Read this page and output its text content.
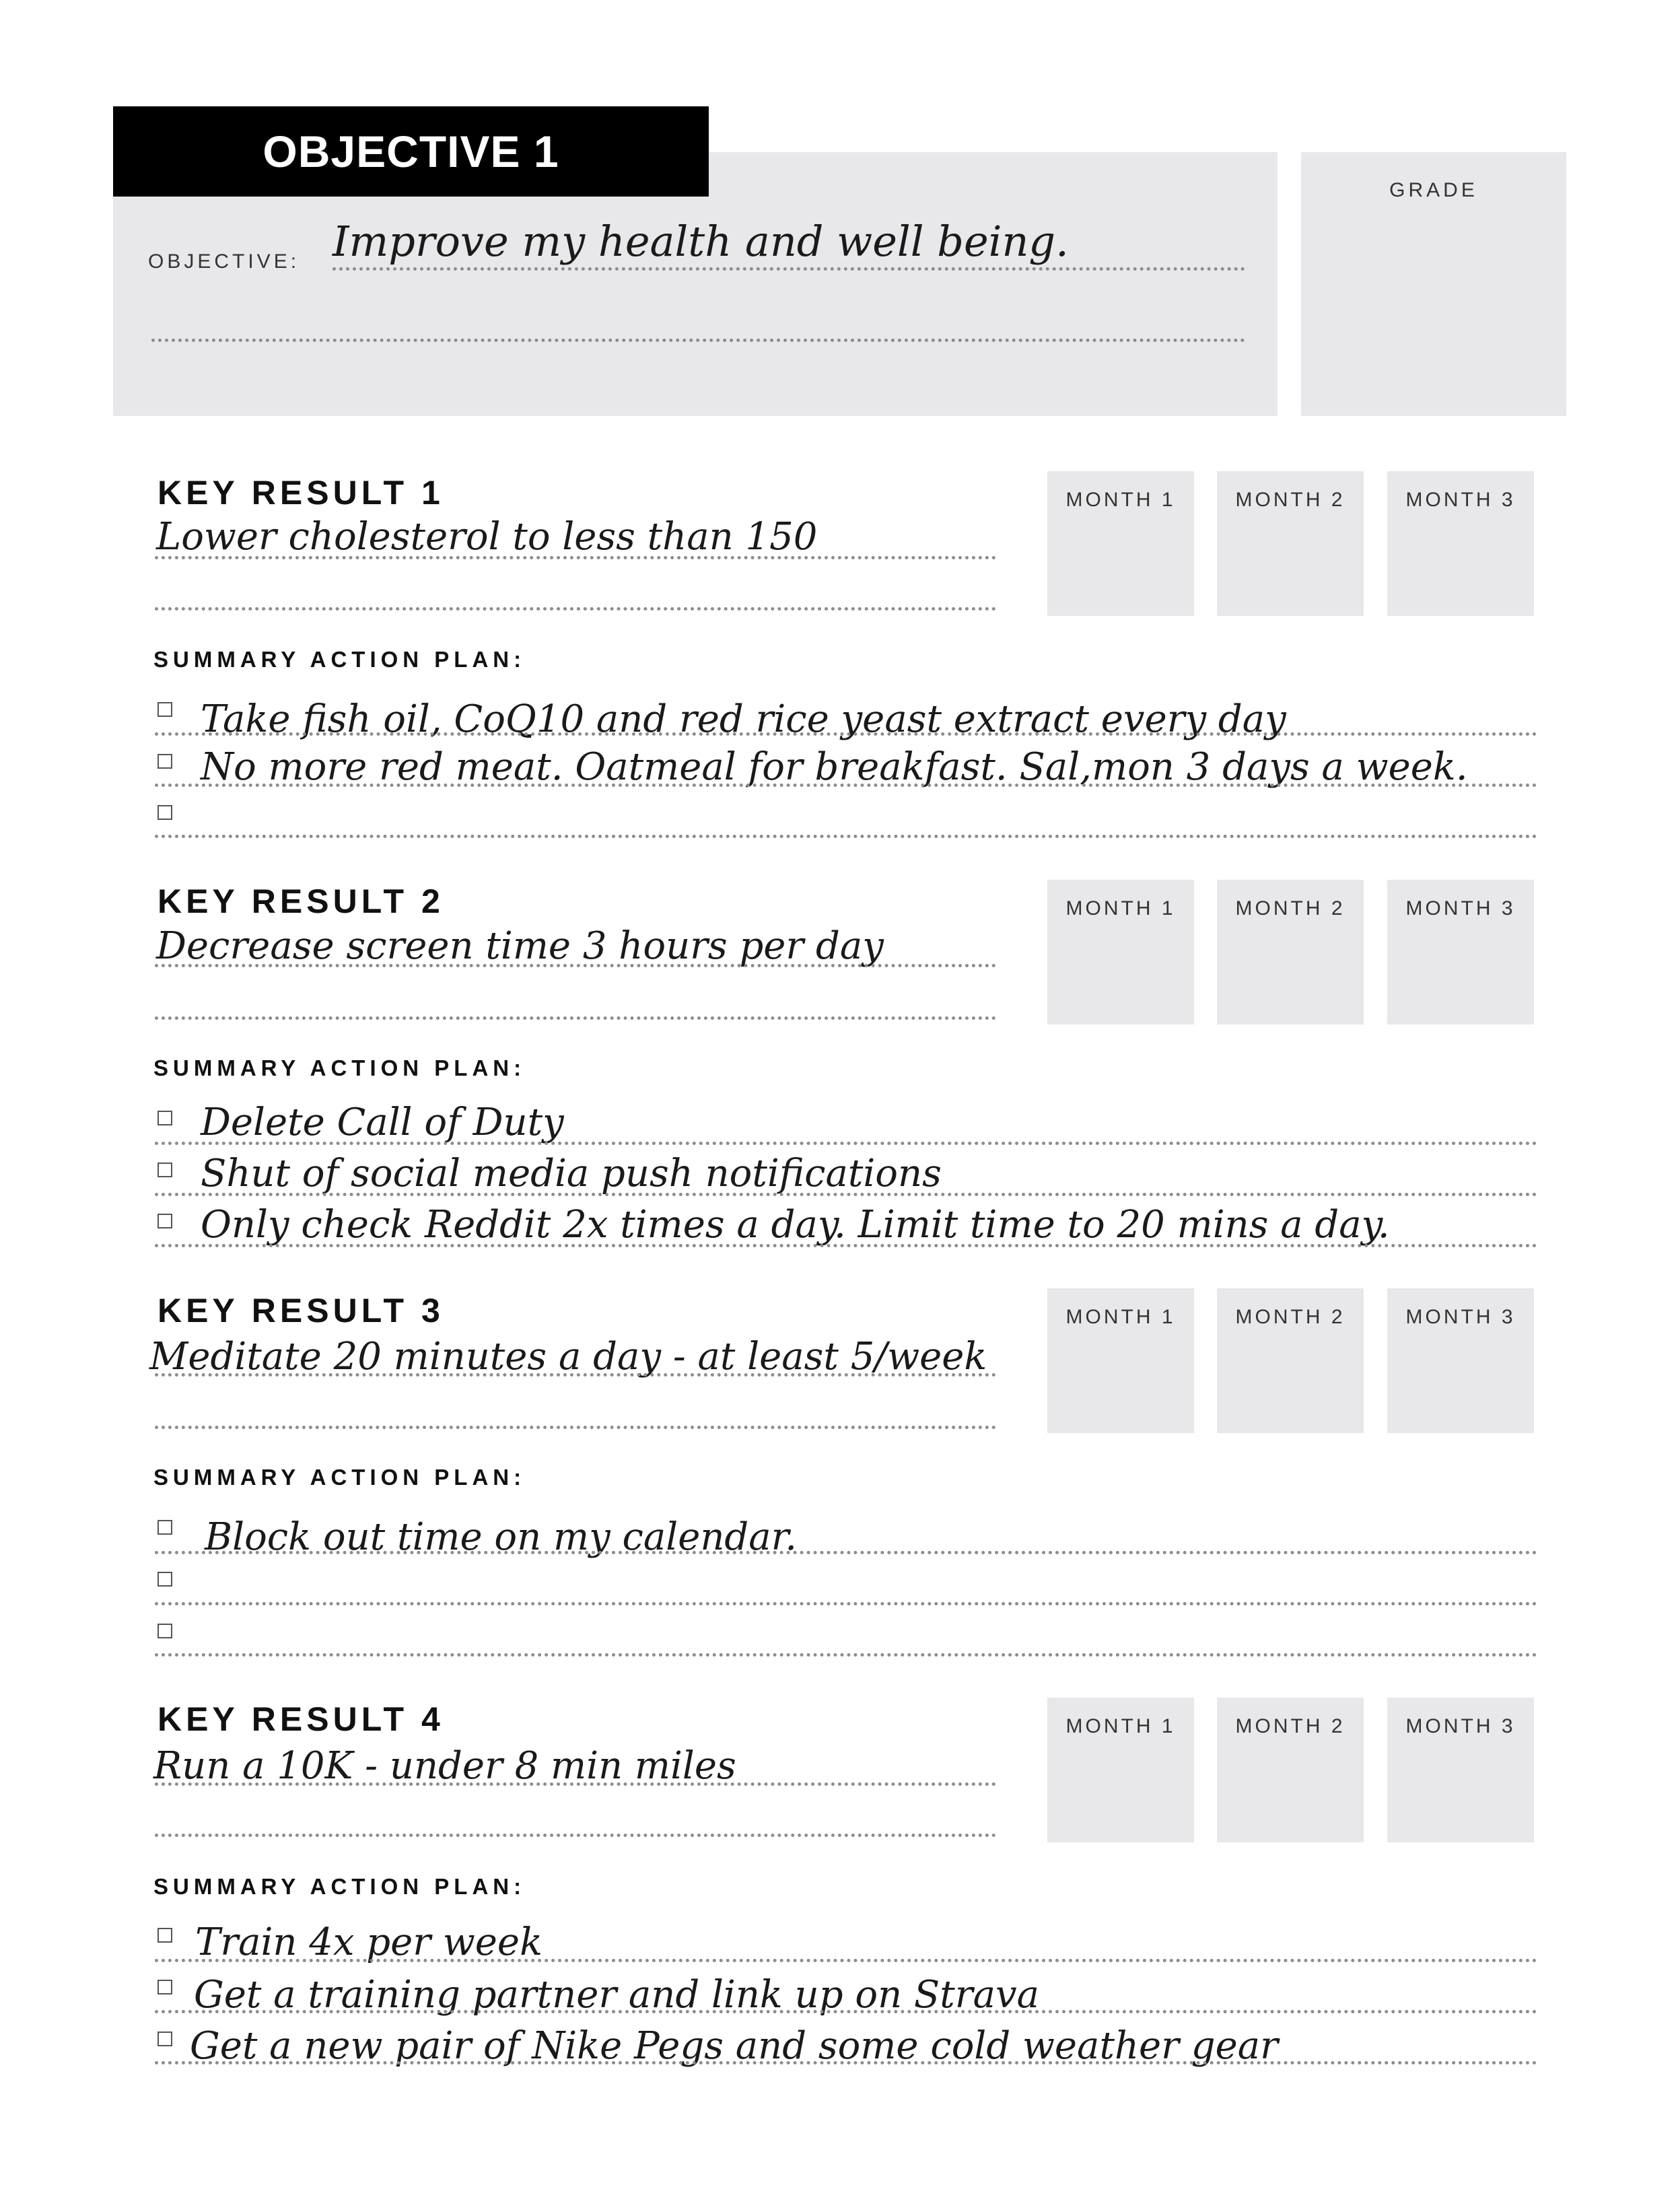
OBJECTIVE 1
OBJECTIVE: Improve my health and well being.
GRADE
KEY RESULT 1
Lower cholesterol to less than 150
MONTH 1	MONTH 2	MONTH 3
SUMMARY ACTION PLAN:
Take fish oil, CoQ10 and red rice yeast extract every day
No more red meat. Oatmeal for breakfast. Sal,mon 3 days a week.
KEY RESULT 2
Decrease screen time 3 hours per day
MONTH 1	MONTH 2	MONTH 3
SUMMARY ACTION PLAN:
Delete Call of Duty
Shut of social media push notifications
Only check Reddit 2x times a day. Limit time to 20 mins a day.
KEY RESULT 3
Meditate 20 minutes a day - at least 5/week
MONTH 1	MONTH 2	MONTH 3
SUMMARY ACTION PLAN:
Block out time on my calendar.
KEY RESULT 4
Run a 10K - under 8 min miles
MONTH 1	MONTH 2	MONTH 3
SUMMARY ACTION PLAN:
Train 4x per week
Get a training partner and link up on Strava
Get a new pair of Nike Pegs and some cold weather gear
